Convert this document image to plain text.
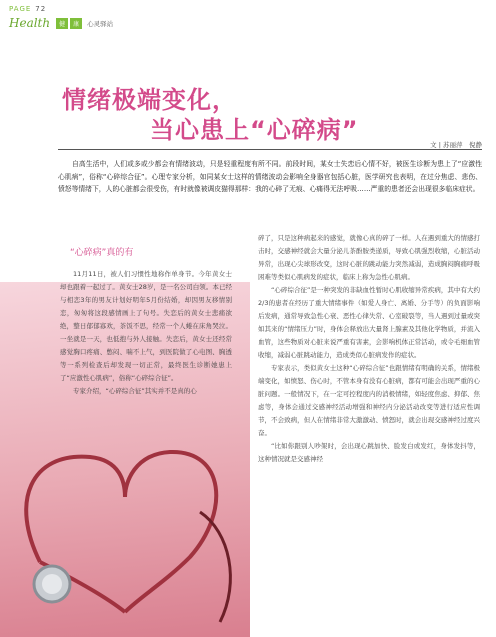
PAGE 72
Health	健	康	心灵驿站
情绪极端变化，
当心患上“心碎病”
文 | 苏丽萍　倪静
自高生活中，人们或多或少都会有情绪波动，只是轻重程度有所不同。前段时间，某女士失恋后心情不好，被医生诊断为患上了“应激性心肌病”，俗称“心碎综合征”。心理专家分析，如同某女士这样的情绪波动会影响全身器官包括心脏，医学研究也表明，在过分焦虑、悲伤、愤怒等情绪下，人的心脏都会很受伤，有时就像被调皮猫得那样：我的心碎了无痕、心痛得无法呼吸……严重的患者还会出现很多临床症状。
“心碎病”真的有

11月11日，被人们习惯性地称作单身节。今年黄女士却也跟着一起过了。黄女士28岁，是一名公司白领。本已经与相恋3年的男友计划好明年5月份结婚，却因男友移情别恋，匆匆将这段感情画上了句号。失恋后的黄女士悲痛欲绝，整日郁郁寡欢，茶饭不思，经常一个人蜷在床角哭泣。一坐就是一天，也低抱与外人接触。失恋后，黄女士还经常感觉胸口疼痛、憋闷、喘不上气，到医院做了心电图、胸透等一系列检查后却发现一切正常，最终医生诊断她患上了“应激性心肌病”，俗称“心碎综合征”。

专家介绍，“心碎综合征”其实并不是真的心

碎了，只是这种病起来的感觉，就像心真的碎了一样。人在遇到重大的情感打击时，交感神经就会大量分泌儿茶酚胺类递质，导致心肌强烈收缩，心脏活动异常，出现心尖球形改变，这时心脏的跳动能力突然减弱，造成胸闷胸痛呼吸困难等类似心肌病发的症状，临床上称为急性心肌病。

“心碎综合征”是一种突发的非缺血性暂时心肌收缩异常疾病，其中有大约2/3的患者在经历了重大情绪事件（如爱人身亡、离婚、分手等）的负面影响后发病，通常导致急性心衰、恶性心律失常、心室破裂等，当人遇到过量或突如其来的“情绪压力”时，身体会释放出大量肾上腺素及其他化学物质，并流入血管，这些物质对心脏来说严重有害素，会影响机体正常活动，或令毛细血管收缩，减弱心脏跳动能力，造成类似心脏病发作的症状。

专家表示，类似黄女士这种“心碎综合征”也跟情绪有明确的关系，情绪极端变化，如愤怒、伤心时，不管本身有没有心脏病，都有可能会出现严重的心脏问题。一般情况下，在一定可控程度内的消极情绪，如轻度焦虑、抑郁、焦虑等，身体会通过交感神经活动增强和神经内分泌活动改变等进行适应性调节，不会致病，但人在情绪非常大激激动、愤怒时，就会出现交感神经过度兴奋。

“比如你跟别人吵架时，会出现心跳加快、脸发白或发红，身体发抖等，这种情况就是交感神经
